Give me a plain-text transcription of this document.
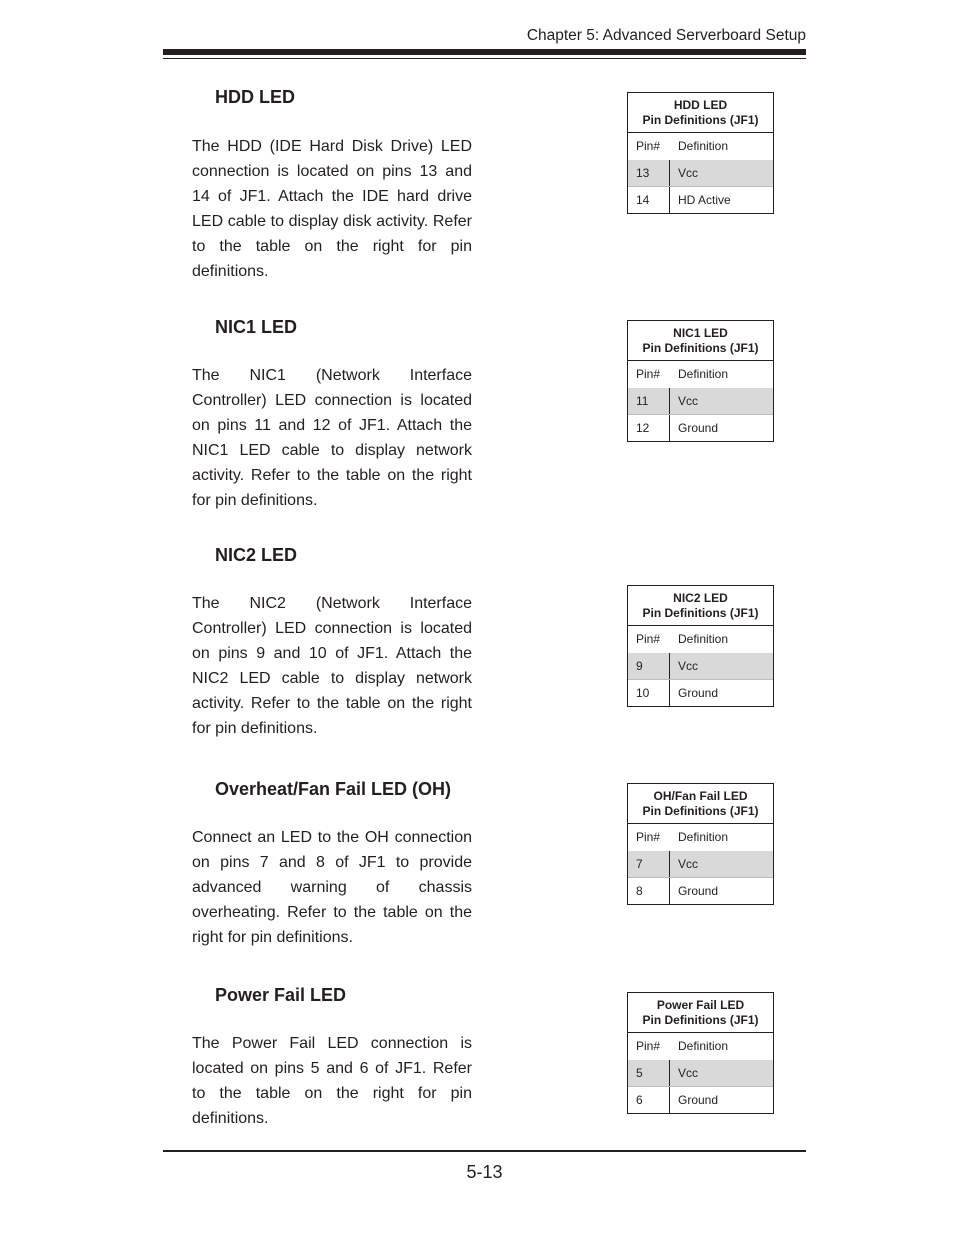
Chapter 5: Advanced Serverboard Setup
HDD LED

The HDD (IDE Hard Disk Drive) LED connection is located on pins 13 and 14 of JF1. Attach the IDE hard drive LED cable to display disk activity. Refer to the table on the right for pin definitions.

HDD LED
Pin Definitions (JF1)
Pin#	Definition
13	Vcc
14	HD Active
NIC1 LED

The NIC1 (Network Interface Controller) LED connection is located on pins 11 and 12 of JF1. Attach the NIC1 LED cable to display network activity. Refer to the table on the right for pin definitions.

NIC1 LED
Pin Definitions (JF1)
Pin#	Definition
11	Vcc
12	Ground
NIC2 LED

The NIC2 (Network Interface Controller) LED connection is located on pins 9 and 10 of JF1. Attach the NIC2 LED cable to display network activity. Refer to the table on the right for pin definitions.

NIC2 LED
Pin Definitions (JF1)
Pin#	Definition
9	Vcc
10	Ground
Overheat/Fan Fail LED (OH)

Connect an LED to the OH connection on pins 7 and 8 of JF1 to provide advanced warning of chassis overheating. Refer to the table on the right for pin definitions.

OH/Fan Fail LED
Pin Definitions (JF1)
Pin#	Definition
7	Vcc
8	Ground
Power Fail LED

The Power Fail LED connection is located on pins 5 and 6 of JF1. Refer to the table on the right for pin definitions.

Power Fail LED
Pin Definitions (JF1)
Pin#	Definition
5	Vcc
6	Ground
5-13
